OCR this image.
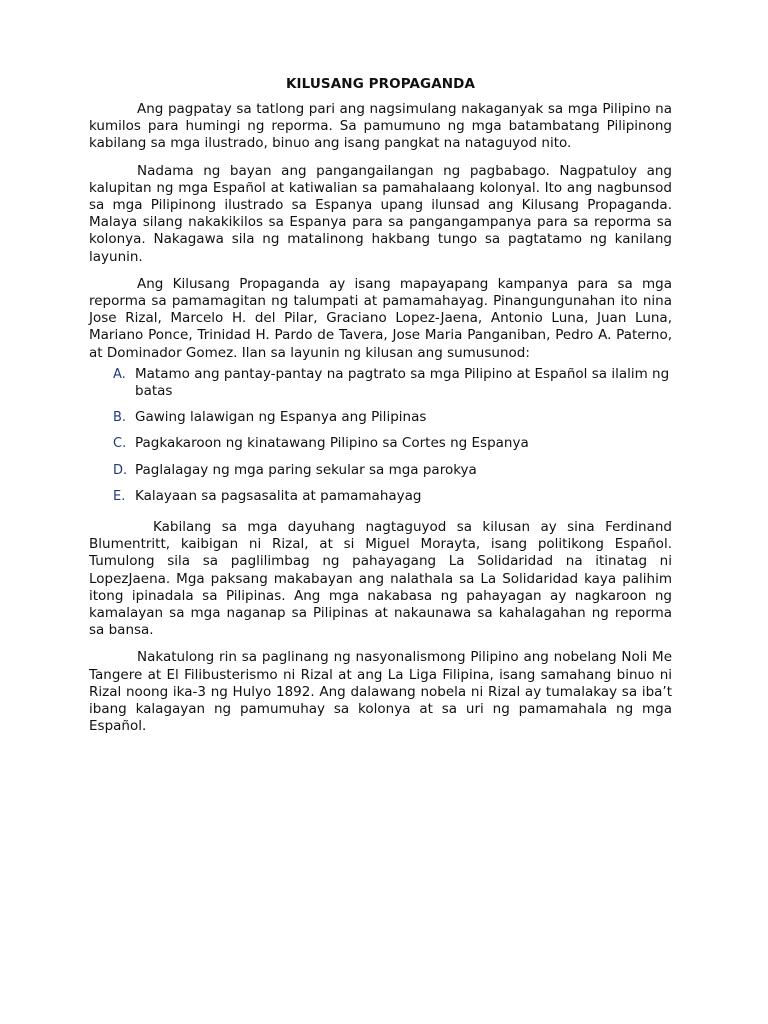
KILUSANG PROPAGANDA

Ang pagpatay sa tatlong pari ang nagsimulang nakaganyak sa mga Pilipino na kumilos para humingi ng reporma. Sa pamumuno ng mga batambatang Pilipinong kabilang sa mga ilustrado, binuo ang isang pangkat na nataguyod nito.

Nadama ng bayan ang pangangailangan ng pagbabago. Nagpatuloy ang kalupitan ng mga Español at katiwalian sa pamahalaang kolonyal. Ito ang nagbunsod sa mga Pilipinong ilustrado sa Espanya upang ilunsad ang Kilusang Propaganda. Malaya silang nakakikilos sa Espanya para sa pangangampanya para sa reporma sa kolonya. Nakagawa sila ng matalinong hakbang tungo sa pagtatamo ng kanilang layunin.

Ang Kilusang Propaganda ay isang mapayapang kampanya para sa mga reporma sa pamamagitan ng talumpati at pamamahayag. Pinangungunahan ito nina Jose Rizal, Marcelo H. del Pilar, Graciano Lopez-Jaena, Antonio Luna, Juan Luna, Mariano Ponce, Trinidad H. Pardo de Tavera, Jose Maria Panganiban, Pedro A. Paterno, at Dominador Gomez. Ilan sa layunin ng kilusan ang sumusunod:

A. Matamo ang pantay-pantay na pagtrato sa mga Pilipino at Español sa ilalim ng batas
B. Gawing lalawigan ng Espanya ang Pilipinas
C. Pagkakaroon ng kinatawang Pilipino sa Cortes ng Espanya
D. Paglalagay ng mga paring sekular sa mga parokya
E. Kalayaan sa pagsasalita at pamamahayag

Kabilang sa mga dayuhang nagtaguyod sa kilusan ay sina Ferdinand Blumentritt, kaibigan ni Rizal, at si Miguel Morayta, isang politikong Español. Tumulong sila sa paglilimbag ng pahayagang La Solidaridad na itinatag ni LopezJaena. Mga paksang makabayan ang nalathala sa La Solidaridad kaya palihim itong ipinadala sa Pilipinas. Ang mga nakabasa ng pahayagan ay nagkaroon ng kamalayan sa mga naganap sa Pilipinas at nakaunawa sa kahalagahan ng reporma sa bansa.

Nakatulong rin sa paglinang ng nasyonalismong Pilipino ang nobelang Noli Me Tangere at El Filibusterismo ni Rizal at ang La Liga Filipina, isang samahang binuo ni Rizal noong ika-3 ng Hulyo 1892. Ang dalawang nobela ni Rizal ay tumalakay sa iba’t ibang kalagayan ng pamumuhay sa kolonya at sa uri ng pamamahala ng mga Español.
